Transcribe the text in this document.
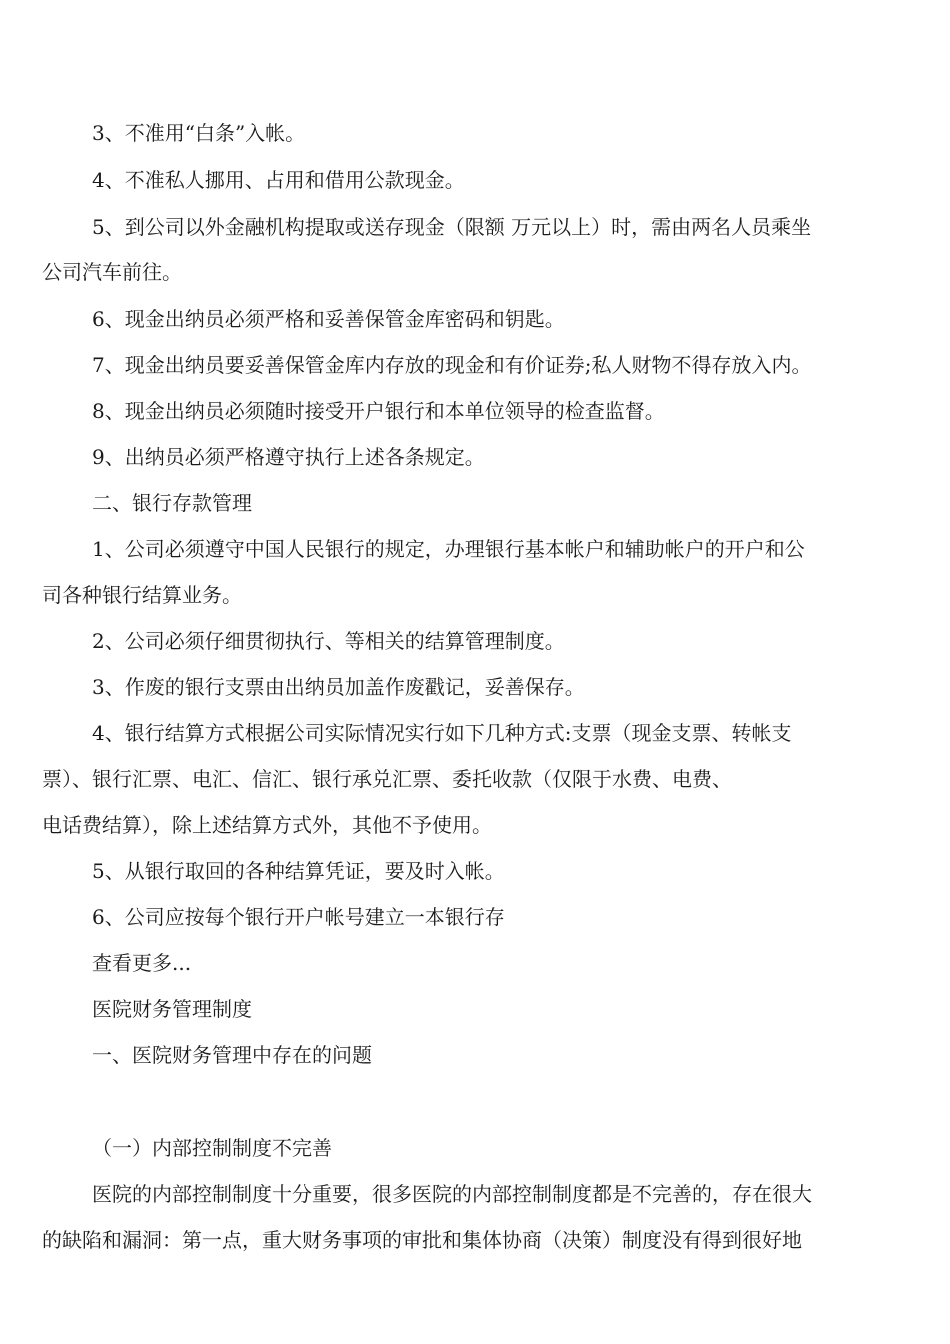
3、不准用“白条”入帐。
4、不准私人挪用、占用和借用公款现金。
5、到公司以外金融机构提取或送存现金（限额 万元以上）时，需由两名人员乘坐
公司汽车前往。
6、现金出纳员必须严格和妥善保管金库密码和钥匙。
7、现金出纳员要妥善保管金库内存放的现金和有价证券;私人财物不得存放入内。
8、现金出纳员必须随时接受开户银行和本单位领导的检查监督。
9、出纳员必须严格遵守执行上述各条规定。
二、银行存款管理
1、公司必须遵守中国人民银行的规定，办理银行基本帐户和辅助帐户的开户和公
司各种银行结算业务。
2、公司必须仔细贯彻执行、等相关的结算管理制度。
3、作废的银行支票由出纳员加盖作废戳记，妥善保存。
4、银行结算方式根据公司实际情况实行如下几种方式:支票（现金支票、转帐支
票）、银行汇票、电汇、信汇、银行承兑汇票、委托收款（仅限于水费、电费、
电话费结算），除上述结算方式外，其他不予使用。
5、从银行取回的各种结算凭证，要及时入帐。
6、公司应按每个银行开户帐号建立一本银行存
查看更多...
医院财务管理制度
一、医院财务管理中存在的问题
（一）内部控制制度不完善
医院的内部控制制度十分重要，很多医院的内部控制制度都是不完善的，存在很大
的缺陷和漏洞：第一点，重大财务事项的审批和集体协商（决策）制度没有得到很好地
